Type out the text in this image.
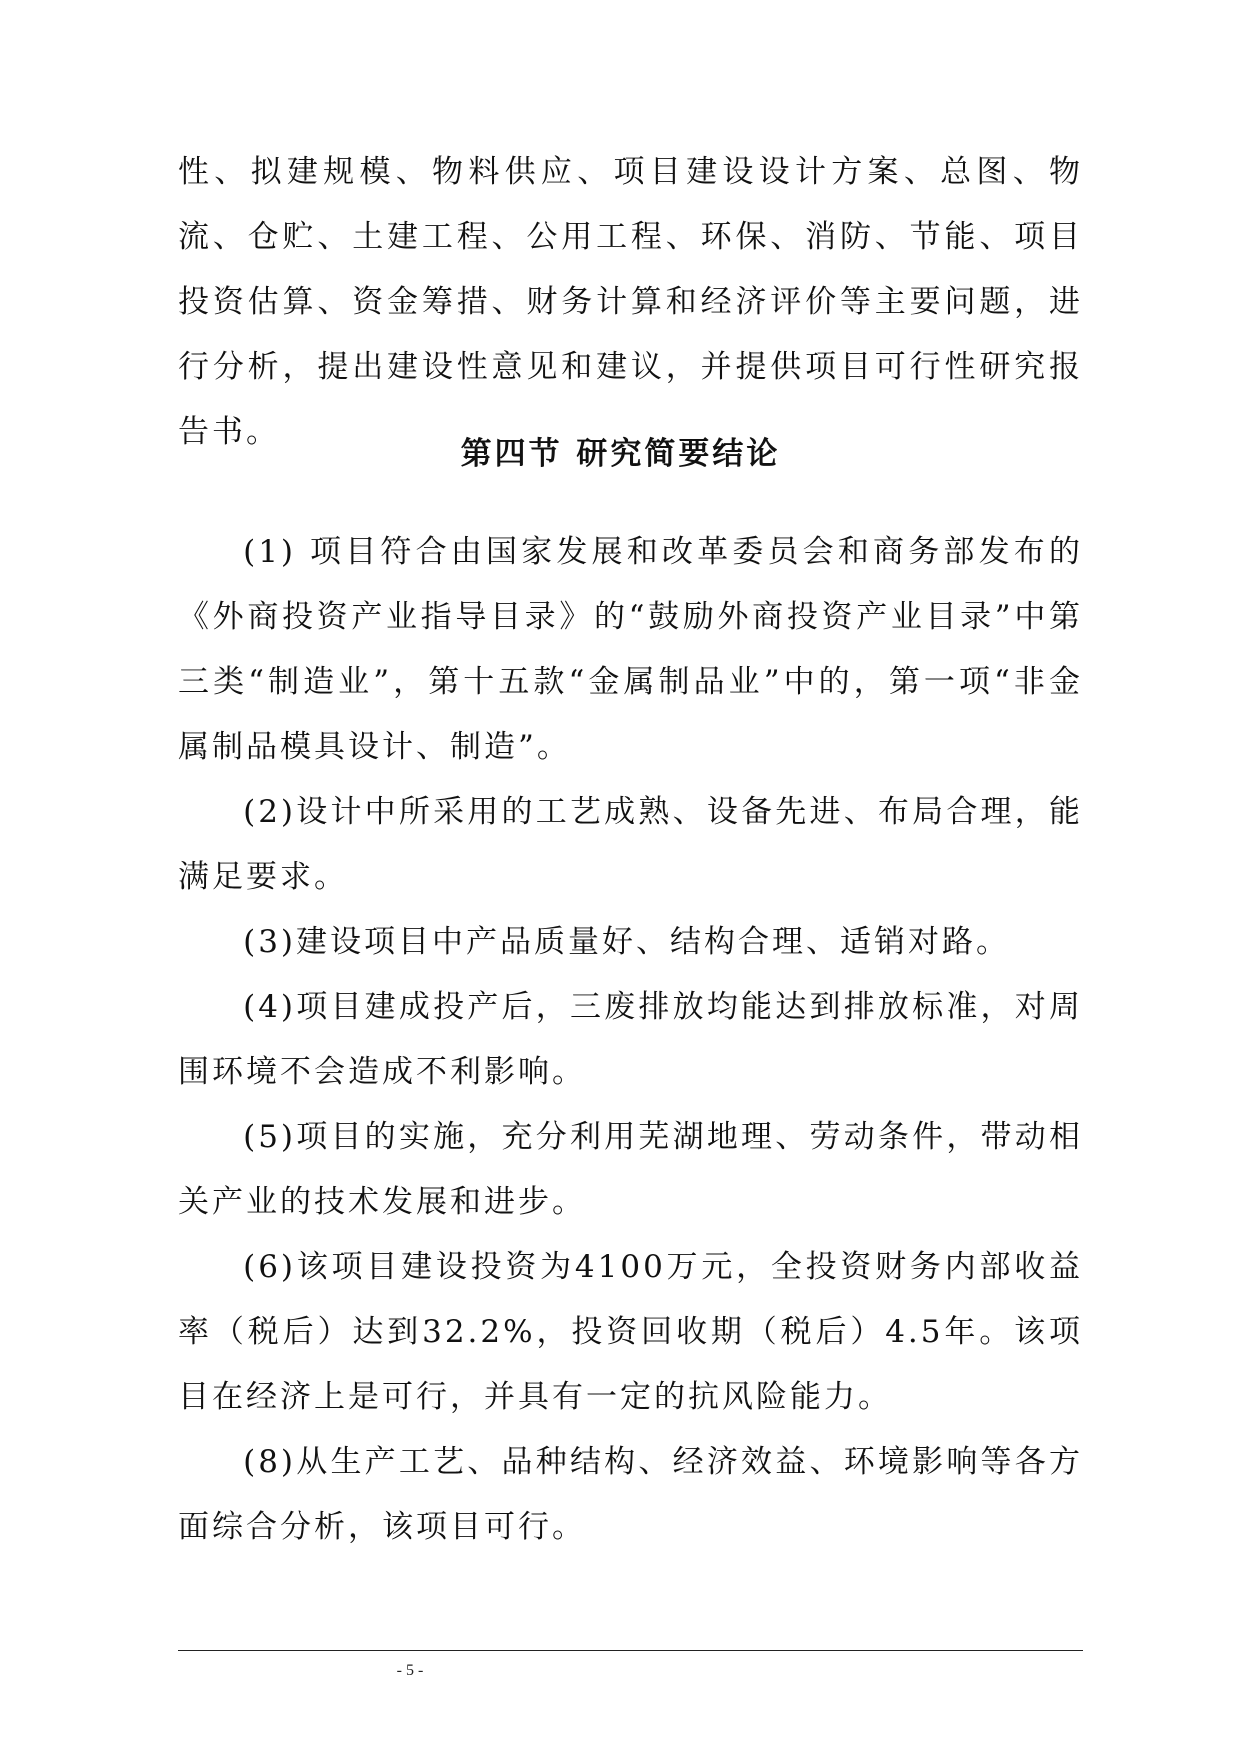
性、拟建规模、物料供应、项目建设设计方案、总图、物流、仓贮、土建工程、公用工程、环保、消防、节能、项目投资估算、资金筹措、财务计算和经济评价等主要问题，进行分析，提出建设性意见和建议，并提供项目可行性研究报告书。

第四节 研究简要结论

(1) 项目符合由国家发展和改革委员会和商务部发布的《外商投资产业指导目录》的“鼓励外商投资产业目录”中第三类“制造业”，第十五款“金属制品业”中的，第一项“非金属制品模具设计、制造”。

(2)设计中所采用的工艺成熟、设备先进、布局合理，能满足要求。

(3)建设项目中产品质量好、结构合理、适销对路。

(4)项目建成投产后，三废排放均能达到排放标准，对周围环境不会造成不利影响。

(5)项目的实施，充分利用芜湖地理、劳动条件，带动相关产业的技术发展和进步。

(6)该项目建设投资为4100万元，全投资财务内部收益率（税后）达到32.2%，投资回收期（税后）4.5年。该项目在经济上是可行，并具有一定的抗风险能力。

(8)从生产工艺、品种结构、经济效益、环境影响等各方面综合分析，该项目可行。

- 5 -
